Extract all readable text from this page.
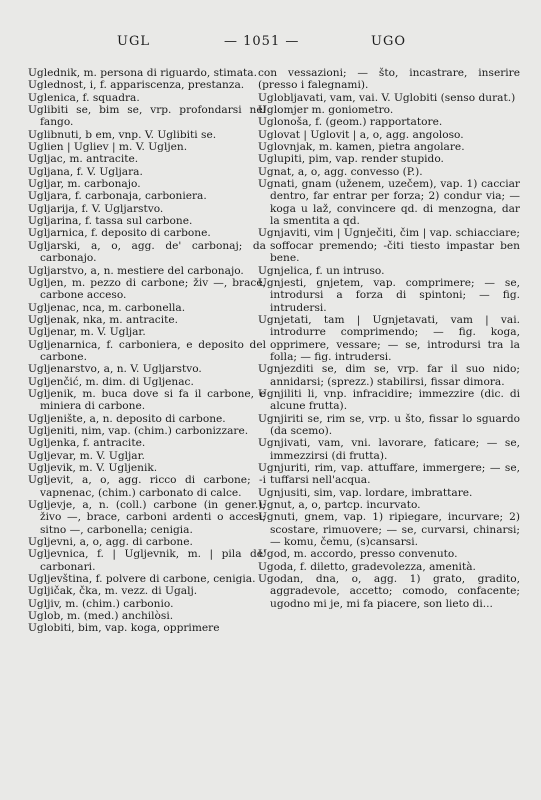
UGL	— 1051 —	UGO

Uglednik, m. persona di riguardo, stimata.

Uglednost, i, f. appariscenza, prestanza.

Uglenica, f. squadra.

Uglibiti se, bim se, vrp. profondarsi nel fango.

Uglibnuti, b em, vnp. V. Uglibiti se.

Uglien | Ugliev | m. V. Ugljen.

Ugljac, m. antracite.

Ugljana, f. V. Ugljara.

Ugljar, m. carbonajo.

Ugljara, f. carbonaja, carboniera.

Ugljarija, f. V. Ugljarstvo.

Ugljarina, f. tassa sul carbone.

Ugljarnica, f. deposito di carbone.

Ugljarski, a, o, agg. de' carbonaj; da carbonajo.

Ugljarstvo, a, n. mestiere del carbonajo.

Ugljen, m. pezzo di carbone; živ —, brace, carbone acceso.

Ugljenac, nca, m. carbonella.

Ugljenak, nka, m. antracite.

Ugljenar, m. V. Ugljar.

Ugljenarnica, f. carboniera, e deposito del carbone.

Ugljenarstvo, a, n. V. Ugljarstvo.

Ugljenčić, m. dim. di Ugljenac.

Ugljenik, m. buca dove si fa il carbone, e miniera di carbone.

Ugljenište, a, n. deposito di carbone.

Ugljeniti, nim, vap. (chim.) carbonizzare.

Ugljenka, f. antracite.

Ugljevar, m. V. Ugljar.

Ugljevik, m. V. Ugljenik.

Ugljevit, a, o, agg. ricco di carbone; -i vapnenac, (chim.) carbonato di calce.

Ugljevje, a, n. (coll.) carbone (in gener.); živo —, brace, carboni ardenti o accesi; sitno —, carbonella; cenigia.

Ugljevni, a, o, agg. di carbone.

Ugljevnica, f. | Ugljevnik, m. | pila de' carbonari.

Ugljevština, f. polvere di carbone, cenigia.

Ugljičak, čka, m. vezz. di Ugalj.

Ugljiv, m. (chim.) carbonio.

Uglob, m. (med.) anchilòsi.

Uglobiti, bim, vap. koga, opprimere

con vessazioni; — što, incastrare, inserire (presso i falegnami).

Uglobljavati, vam, vai. V. Uglobiti (senso durat.)

Uglomjer m. goniometro.

Uglonoša, f. (geom.) rapportatore.

Uglovat | Uglovit | a, o, agg. angoloso.

Uglovnjak, m. kamen, pietra angolare.

Uglupiti, pim, vap. render stupido.

Ugnat, a, o, agg. convesso (P.).

Ugnati, gnam (uženem, uzečem), vap. 1) cacciar dentro, far entrar per forza; 2) condur via; — koga u laž, convincere qd. di menzogna, dar la smentita a qd.

Ugnjaviti, vim | Ugnječiti, čim | vap. schiacciare; soffocar premendo; -čiti tiesto impastar ben bene.

Ugnjelica, f. un intruso.

Ugnjesti, gnjetem, vap. comprimere; — se, introdursi a forza di spintoni; — fig. intrudersi.

Ugnjetati, tam | Ugnjetavati, vam | vai. introdurre comprimendo; — fig. koga, opprimere, vessare; — se, introdursi tra la folla; — fig. intrudersi.

Ugnjezditi se, dim se, vrp. far il suo nido; annidarsi; (sprezz.) stabilirsi, fissar dimora.

Ugnjiliti li, vnp. infracidire; immezzire (dic. di alcune frutta).

Ugnjiriti se, rim se, vrp. u što, fissar lo sguardo (da scemo).

Ugnjivati, vam, vni. lavorare, faticare; — se, immezzirsi (di frutta).

Ugnjuriti, rim, vap. attuffare, immergere; — se, tuffarsi nell'acqua.

Ugnjusiti, sim, vap. lordare, imbrattare.

Ugnut, a, o, partcp. incurvato.

Ugnuti, gnem, vap. 1) ripiegare, incurvare; 2) scostare, rimuovere; — se, curvarsi, chinarsi; — komu, čemu, (s)cansarsi.

Ugod, m. accordo, presso convenuto.

Ugoda, f. diletto, gradevolezza, amenità.

Ugodan, dna, o, agg. 1) grato, gradito, aggradevole, accetto; comodo, confacente; ugodno mi je, mi fa piacere, son lieto di...
